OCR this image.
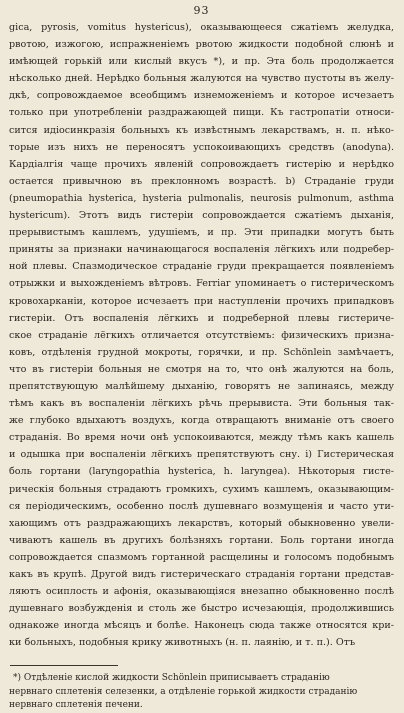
93
gica, pyrosis, vomitus hystericus), оказывающееся сжатіемъ желудка,
рвотою, изжогою, испражненіемъ рвотою жидкости подобной слюнѣ и
имѣющей горькій или кислый вкусъ *), и пр. Эта боль продолжается
нѣсколько дней. Нерѣдко больныя жалуются на чувство пустоты въ желу-
дкѣ, сопровождаемое всеобщимъ изнеможеніемъ и которое исчезаетъ
только при употребленіи раздражающей пищи. Къ гастропатіи относи-
сится идіосинкразія больныхъ къ извѣстнымъ лекарствамъ, н. п. нѣко-
торые изъ нихъ не переносятъ успокоивающихъ средствъ (anodyna).
Кардіалгія чаще прочихъ явленій сопровождаетъ гистерію и нерѣдко
остается привычною въ преклонномъ возрастѣ. b) Страданіе груди
(pneumopathia hysterica, hysteria pulmonalis, neurosis pulmonum, asthma
hystericum). Этотъ видъ гистеріи сопровождается сжатіемъ дыханія,
прерывистымъ кашлемъ, удушіемъ, и пр. Эти припадки могутъ быть
приняты за признаки начинающагося воспаленія лёгкихъ или подребер-
ной плевы. Спазмодическое страданіе груди прекращается появленіемъ
отрыжки и выхожденіемъ вѣтровъ. Ferriar упоминаетъ о гистерическомъ
кровохарканіи, которое исчезаетъ при наступленіи прочихъ припадковъ
гистеріи. Отъ воспаленія лёгкихъ и подреберной плевы гистериче-
ское страданіе лёгкихъ отличается отсутствіемъ: физическихъ призна-
ковъ, отдѣленія грудной мокроты, горячки, и пр. Schönlein замѣчаетъ,
что въ гистеріи больныя не смотря на то, что онѣ жалуются на боль,
препятствующую малѣйшему дыханію, говорятъ не запинаясь, между
тѣмъ какъ въ воспаленіи лёгкихъ рѣчь прерывиста. Эти больныя так-
же глубоко вдыхаютъ воздухъ, когда отвращаютъ вниманіе отъ своего
страданія. Во время ночи онѣ успокоиваются, между тѣмъ какъ кашель
и одышка при воспаленіи лёгкихъ препятствуютъ сну. i) Гистерическая
боль гортани (laryngopathia hysterica, h. laryngea). Нѣкоторыя гисте-
рическія больныя страдаютъ громкихъ, сухимъ кашлемъ, оказывающим-
ся періодическимъ, особенно послѣ душевнаго возмущенія и часто ути-
хающимъ отъ раздражающихъ лекарствъ, который обыкновенно увели-
чиваютъ кашель въ другихъ болѣзняхъ гортани. Боль гортани иногда
сопровождается спазмомъ гортанной расщелины и голосомъ подобнымъ
какъ въ крупѣ. Другой видъ гистерическаго страданія гортани представ-
ляютъ осиплость и афонія, оказывающіяся внезапно обыкновенно послѣ
душевнаго возбужденія и столь же быстро исчезающія, продолжившись
однакоже иногда мѣсяцъ и болѣе. Наконецъ сюда также относятся кри-
ки больныхъ, подобныя крику животныхъ (н. п. лаянію, и т. п.). Отъ
*) Отдѣленіе кислой жидкости Schönlein приписываетъ страданію
нервнаго сплетенія селезенки, а отдѣленіе горькой жидкости страданію
нервнаго сплетенія печени.
